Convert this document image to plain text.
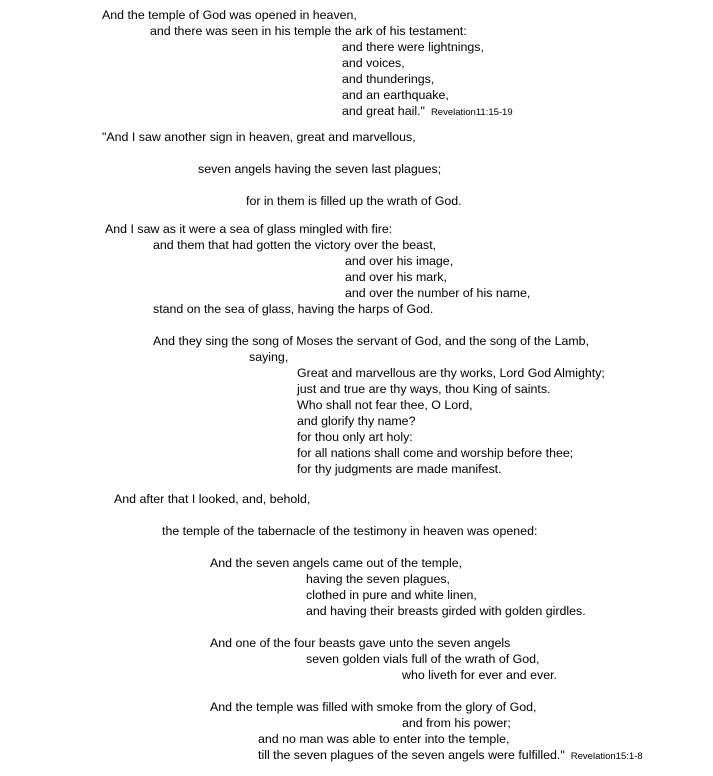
And the temple of God was opened in heaven,
and there was seen in his temple the ark of his testament:
and there were lightnings,
and voices,
and thunderings,
and an earthquake,
and great hail." Revelation11:15-19
"And I saw another sign in heaven, great and marvellous,
seven angels having the seven last plagues;
for in them is filled up the wrath of God.
And I saw as it were a sea of glass mingled with fire:
and them that had gotten the victory over the beast,
and over his image,
and over his mark,
and over the number of his name,
stand on the sea of glass, having the harps of God.
And they sing the song of Moses the servant of God, and the song of the Lamb,
saying,
Great and marvellous are thy works, Lord God Almighty;
just and true are thy ways, thou King of saints.
Who shall not fear thee, O Lord,
and glorify thy name?
for thou only art holy:
for all nations shall come and worship before thee;
for thy judgments are made manifest.
And after that I looked, and, behold,
the temple of the tabernacle of the testimony in heaven was opened:
And the seven angels came out of the temple,
having the seven plagues,
clothed in pure and white linen,
and having their breasts girded with golden girdles.
And one of the four beasts gave unto the seven angels
seven golden vials full of the wrath of God,
who liveth for ever and ever.
And the temple was filled with smoke from the glory of God,
and from his power;
and no man was able to enter into the temple,
till the seven plagues of the seven angels were fulfilled." Revelation15:1-8
